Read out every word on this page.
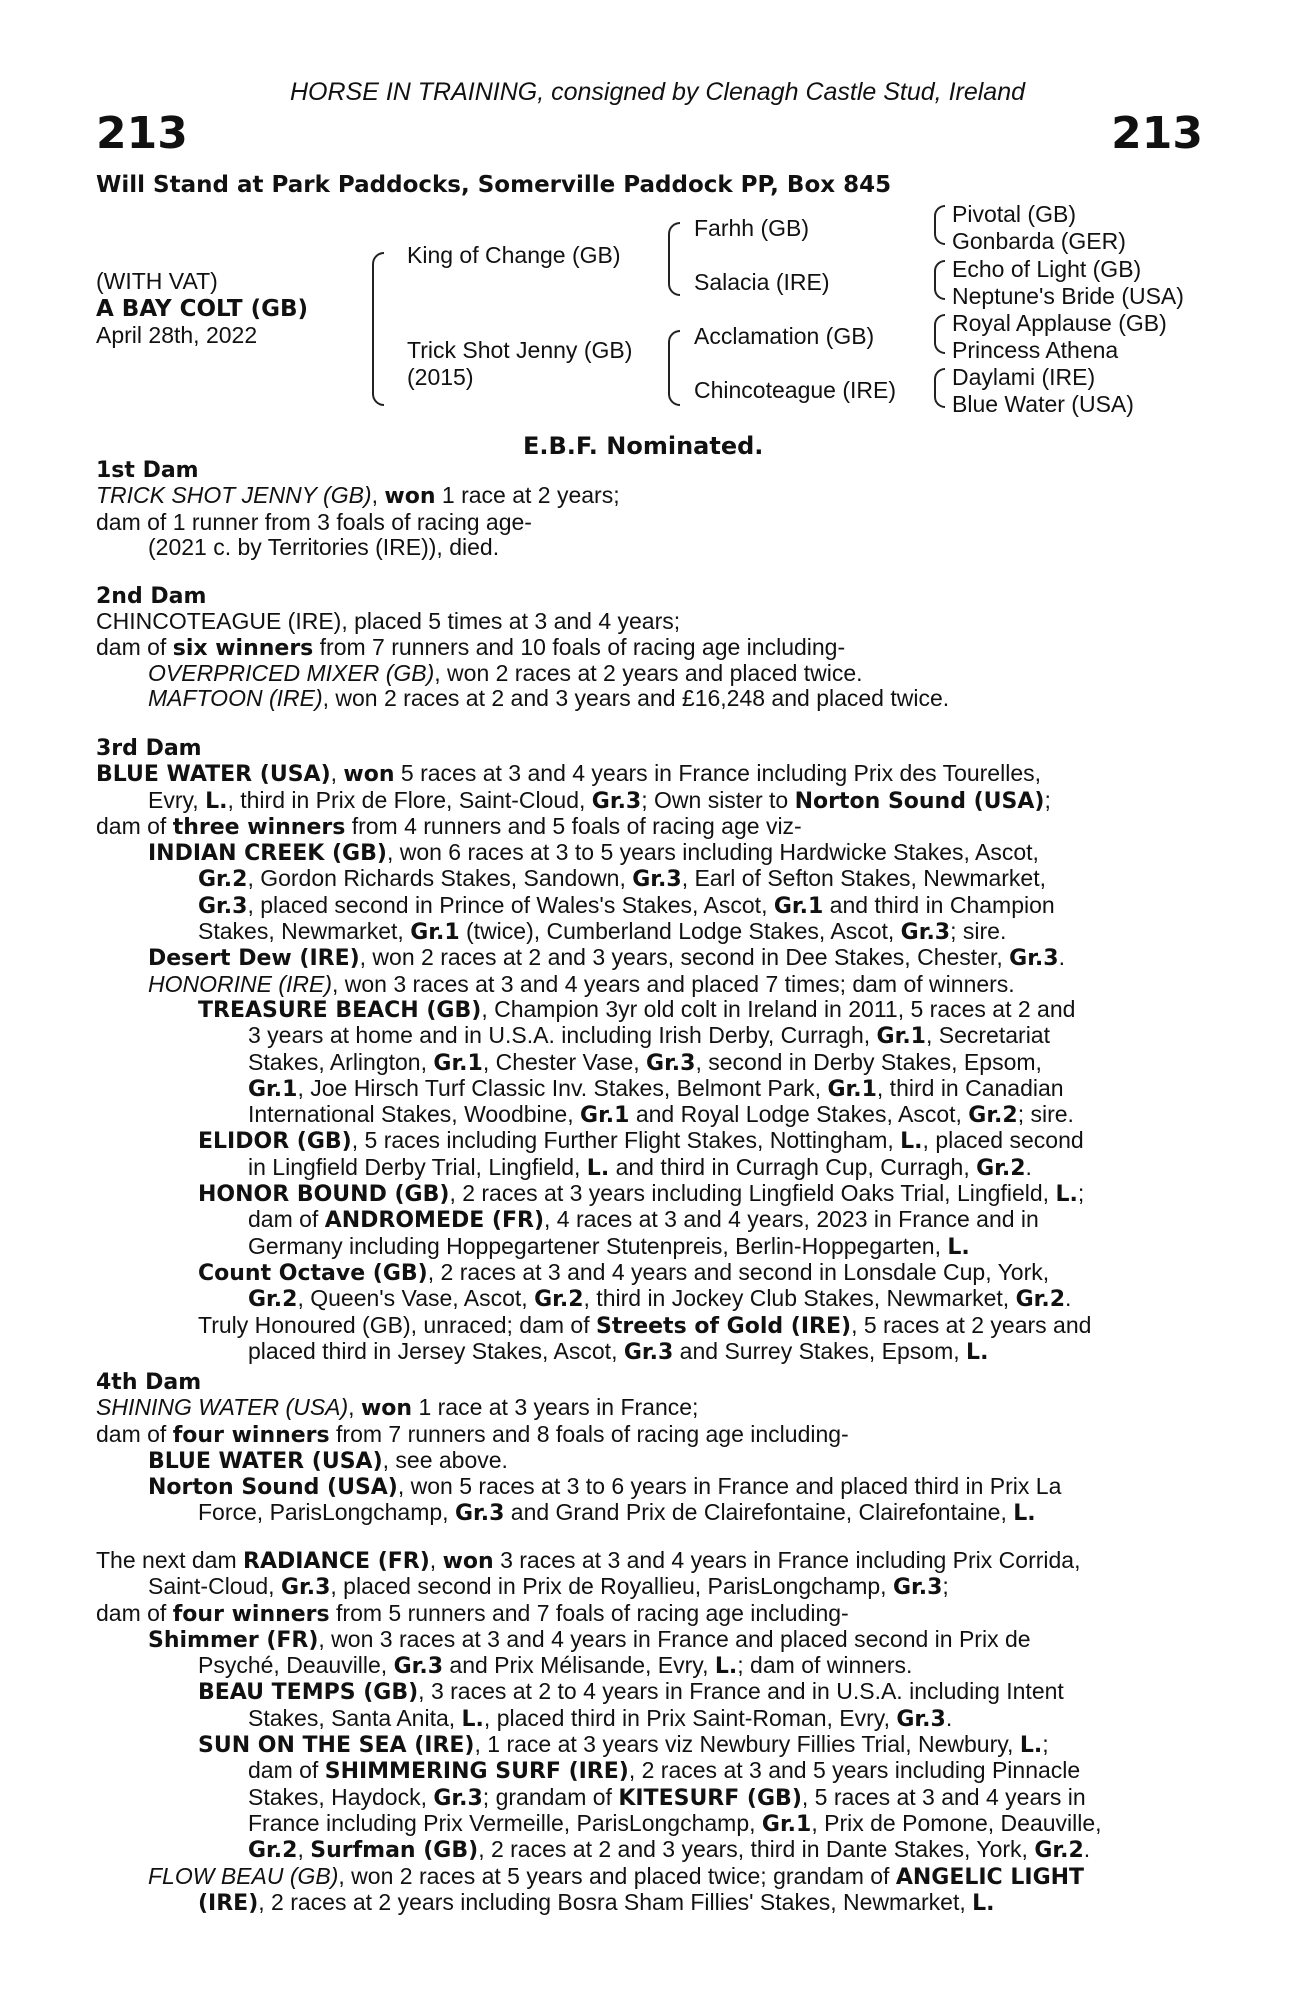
HORSE IN TRAINING, consigned by Clenagh Castle Stud, Ireland
213	213
Will Stand at Park Paddocks, Somerville Paddock PP, Box 845
(WITH VAT)
A BAY COLT (GB)
April 28th, 2022
King of Change (GB)
Trick Shot Jenny (GB)
(2015)
Farhh (GB)
Salacia (IRE)
Acclamation (GB)
Chincoteague (IRE)
Pivotal (GB)
Gonbarda (GER)
Echo of Light (GB)
Neptune's Bride (USA)
Royal Applause (GB)
Princess Athena
Daylami (IRE)
Blue Water (USA)
E.B.F. Nominated.
1st Dam
TRICK SHOT JENNY (GB), won 1 race at 2 years;
dam of 1 runner from 3 foals of racing age-
(2021 c. by Territories (IRE)), died.
2nd Dam
CHINCOTEAGUE (IRE), placed 5 times at 3 and 4 years;
dam of six winners from 7 runners and 10 foals of racing age including-
OVERPRICED MIXER (GB), won 2 races at 2 years and placed twice.
MAFTOON (IRE), won 2 races at 2 and 3 years and £16,248 and placed twice.
3rd Dam
BLUE WATER (USA), won 5 races at 3 and 4 years in France including Prix des Tourelles,
Evry, L., third in Prix de Flore, Saint-Cloud, Gr.3; Own sister to Norton Sound (USA);
dam of three winners from 4 runners and 5 foals of racing age viz-
INDIAN CREEK (GB), won 6 races at 3 to 5 years including Hardwicke Stakes, Ascot,
Gr.2, Gordon Richards Stakes, Sandown, Gr.3, Earl of Sefton Stakes, Newmarket,
Gr.3, placed second in Prince of Wales's Stakes, Ascot, Gr.1 and third in Champion
Stakes, Newmarket, Gr.1 (twice), Cumberland Lodge Stakes, Ascot, Gr.3; sire.
Desert Dew (IRE), won 2 races at 2 and 3 years, second in Dee Stakes, Chester, Gr.3.
HONORINE (IRE), won 3 races at 3 and 4 years and placed 7 times; dam of winners.
TREASURE BEACH (GB), Champion 3yr old colt in Ireland in 2011, 5 races at 2 and
3 years at home and in U.S.A. including Irish Derby, Curragh, Gr.1, Secretariat
Stakes, Arlington, Gr.1, Chester Vase, Gr.3, second in Derby Stakes, Epsom,
Gr.1, Joe Hirsch Turf Classic Inv. Stakes, Belmont Park, Gr.1, third in Canadian
International Stakes, Woodbine, Gr.1 and Royal Lodge Stakes, Ascot, Gr.2; sire.
ELIDOR (GB), 5 races including Further Flight Stakes, Nottingham, L., placed second
in Lingfield Derby Trial, Lingfield, L. and third in Curragh Cup, Curragh, Gr.2.
HONOR BOUND (GB), 2 races at 3 years including Lingfield Oaks Trial, Lingfield, L.;
dam of ANDROMEDE (FR), 4 races at 3 and 4 years, 2023 in France and in
Germany including Hoppegartener Stutenpreis, Berlin-Hoppegarten, L.
Count Octave (GB), 2 races at 3 and 4 years and second in Lonsdale Cup, York,
Gr.2, Queen's Vase, Ascot, Gr.2, third in Jockey Club Stakes, Newmarket, Gr.2.
Truly Honoured (GB), unraced; dam of Streets of Gold (IRE), 5 races at 2 years and
placed third in Jersey Stakes, Ascot, Gr.3 and Surrey Stakes, Epsom, L.
4th Dam
SHINING WATER (USA), won 1 race at 3 years in France;
dam of four winners from 7 runners and 8 foals of racing age including-
BLUE WATER (USA), see above.
Norton Sound (USA), won 5 races at 3 to 6 years in France and placed third in Prix La
Force, ParisLongchamp, Gr.3 and Grand Prix de Clairefontaine, Clairefontaine, L.
The next dam RADIANCE (FR), won 3 races at 3 and 4 years in France including Prix Corrida,
Saint-Cloud, Gr.3, placed second in Prix de Royallieu, ParisLongchamp, Gr.3;
dam of four winners from 5 runners and 7 foals of racing age including-
Shimmer (FR), won 3 races at 3 and 4 years in France and placed second in Prix de
Psyché, Deauville, Gr.3 and Prix Mélisande, Evry, L.; dam of winners.
BEAU TEMPS (GB), 3 races at 2 to 4 years in France and in U.S.A. including Intent
Stakes, Santa Anita, L., placed third in Prix Saint-Roman, Evry, Gr.3.
SUN ON THE SEA (IRE), 1 race at 3 years viz Newbury Fillies Trial, Newbury, L.;
dam of SHIMMERING SURF (IRE), 2 races at 3 and 5 years including Pinnacle
Stakes, Haydock, Gr.3; grandam of KITESURF (GB), 5 races at 3 and 4 years in
France including Prix Vermeille, ParisLongchamp, Gr.1, Prix de Pomone, Deauville,
Gr.2, Surfman (GB), 2 races at 2 and 3 years, third in Dante Stakes, York, Gr.2.
FLOW BEAU (GB), won 2 races at 5 years and placed twice; grandam of ANGELIC LIGHT
(IRE), 2 races at 2 years including Bosra Sham Fillies' Stakes, Newmarket, L.
